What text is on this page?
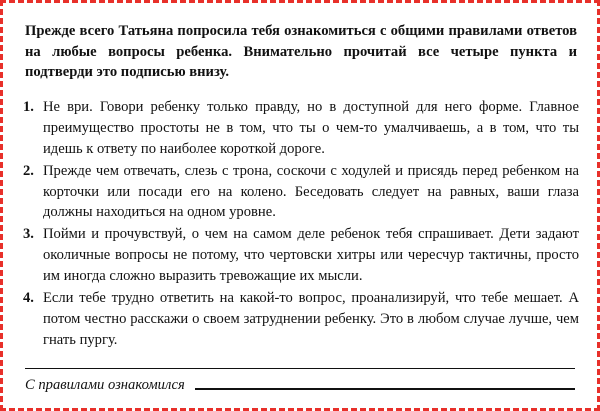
Прежде всего Татьяна попросила тебя ознакомиться с общими правилами ответов на любые вопросы ребенка. Внимательно прочитай все четыре пункта и подтверди это подписью внизу.
1. Не ври. Говори ребенку только правду, но в доступной для него форме. Главное преимущество простоты не в том, что ты о чем-то умалчиваешь, а в том, что ты идешь к ответу по наиболее короткой дороге.
2. Прежде чем отвечать, слезь с трона, соскочи с ходулей и присядь перед ребенком на корточки или посади его на колено. Беседовать следует на равных, ваши глаза должны находиться на одном уровне.
3. Пойми и прочувствуй, о чем на самом деле ребенок тебя спрашивает. Дети задают околичные вопросы не потому, что чертовски хитры или чересчур тактичны, просто им иногда сложно выразить тревожащие их мысли.
4. Если тебе трудно ответить на какой-то вопрос, проанализируй, что тебе мешает. А потом честно расскажи о своем затруднении ребенку. Это в любом случае лучше, чем гнать пургу.
С правилами ознакомился
